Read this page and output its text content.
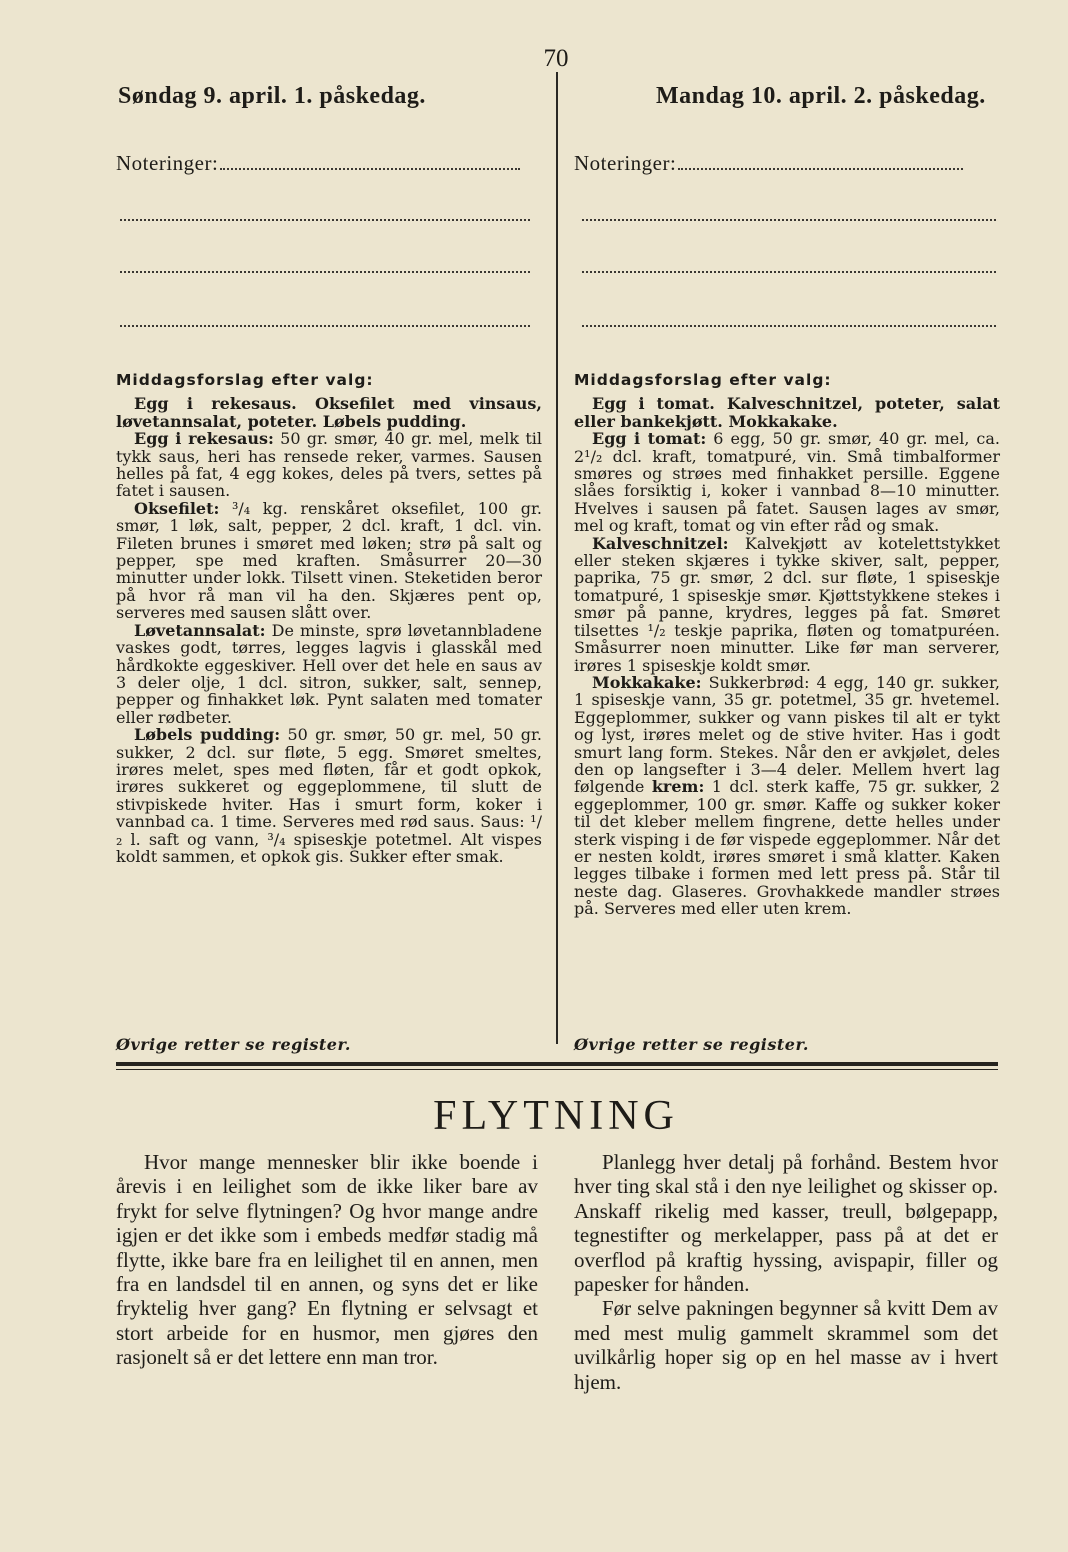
70
Søndag 9. april. 1. påskedag.
Noteringer:

Middagsforslag efter valg:

Egg i rekesaus. Oksefilet med vinsaus, løvetannsalat, poteter. Løbels pudding.

Egg i rekesaus: 50 gr. smør, 40 gr. mel, melk til tykk saus, heri has rensede reker, varmes. Sausen helles på fat, 4 egg kokes, deles på tvers, settes på fatet i sausen.

Oksefilet: ³/₄ kg. renskåret oksefilet, 100 gr. smør, 1 løk, salt, pepper, 2 dcl. kraft, 1 dcl. vin. Fileten brunes i smøret med løken; strø på salt og pepper, spe med kraften. Småsurrer 20—30 minutter under lokk. Tilsett vinen. Steketiden beror på hvor rå man vil ha den. Skjæres pent op, serveres med sausen slått over.

Løvetannsalat: De minste, sprø løvetannbladene vaskes godt, tørres, legges lagvis i glasskål med hårdkokte eggeskiver. Hell over det hele en saus av 3 deler olje, 1 dcl. sitron, sukker, salt, sennep, pepper og finhakket løk. Pynt salaten med tomater eller rødbeter.

Løbels pudding: 50 gr. smør, 50 gr. mel, 50 gr. sukker, 2 dcl. sur fløte, 5 egg. Smøret smeltes, irøres melet, spes med fløten, får et godt opkok, irøres sukkeret og eggeplommene, til slutt de stivpiskede hviter. Has i smurt form, koker i vannbad ca. 1 time. Serveres med rød saus. Saus: ¹/₂ l. saft og vann, ³/₄ spiseskje potetmel. Alt vispes koldt sammen, et opkok gis. Sukker efter smak.

Øvrige retter se register.
Mandag 10. april. 2. påskedag.
Noteringer:

Middagsforslag efter valg:

Egg i tomat. Kalveschnitzel, poteter, salat eller bankekjøtt. Mokkakake.

Egg i tomat: 6 egg, 50 gr. smør, 40 gr. mel, ca. 2¹/₂ dcl. kraft, tomatpuré, vin. Små timbalformer smøres og strøes med finhakket persille. Eggene slåes forsiktig i, koker i vannbad 8—10 minutter. Hvelves i sausen på fatet. Sausen lages av smør, mel og kraft, tomat og vin efter råd og smak.

Kalveschnitzel: Kalvekjøtt av kotelettstykket eller steken skjæres i tykke skiver, salt, pepper, paprika, 75 gr. smør, 2 dcl. sur fløte, 1 spiseskje tomatpuré, 1 spiseskje smør. Kjøttstykkene stekes i smør på panne, krydres, legges på fat. Smøret tilsettes ¹/₂ teskje paprika, fløten og tomatpuréen. Småsurrer noen minutter. Like før man serverer, irøres 1 spiseskje koldt smør.

Mokkakake: Sukkerbrød: 4 egg, 140 gr. sukker, 1 spiseskje vann, 35 gr. potetmel, 35 gr. hvetemel. Eggeplommer, sukker og vann piskes til alt er tykt og lyst, irøres melet og de stive hviter. Has i godt smurt lang form. Stekes. Når den er avkjølet, deles den op langsefter i 3—4 deler. Mellem hvert lag følgende krem: 1 dcl. sterk kaffe, 75 gr. sukker, 2 eggeplommer, 100 gr. smør. Kaffe og sukker koker til det kleber mellem fingrene, dette helles under sterk visping i de før vispede eggeplommer. Når det er nesten koldt, irøres smøret i små klatter. Kaken legges tilbake i formen med lett press på. Står til neste dag. Glaseres. Grovhakkede mandler strøes på. Serveres med eller uten krem.

Øvrige retter se register.
FLYTNING

Hvor mange mennesker blir ikke boende i årevis i en leilighet som de ikke liker bare av frykt for selve flytningen? Og hvor mange andre igjen er det ikke som i embeds medfør stadig må flytte, ikke bare fra en leilighet til en annen, men fra en landsdel til en annen, og syns det er like fryktelig hver gang? En flytning er selvsagt et stort arbeide for en husmor, men gjøres den rasjonelt så er det lettere enn man tror.

Planlegg hver detalj på forhånd. Bestem hvor hver ting skal stå i den nye leilighet og skisser op. Anskaff rikelig med kasser, treull, bølgepapp, tegnestifter og merkelapper, pass på at det er overflod på kraftig hyssing, avispapir, filler og papesker for hånden.

Før selve pakningen begynner så kvitt Dem av med mest mulig gammelt skrammel som det uvilkårlig hoper sig op en hel masse av i hvert hjem.
